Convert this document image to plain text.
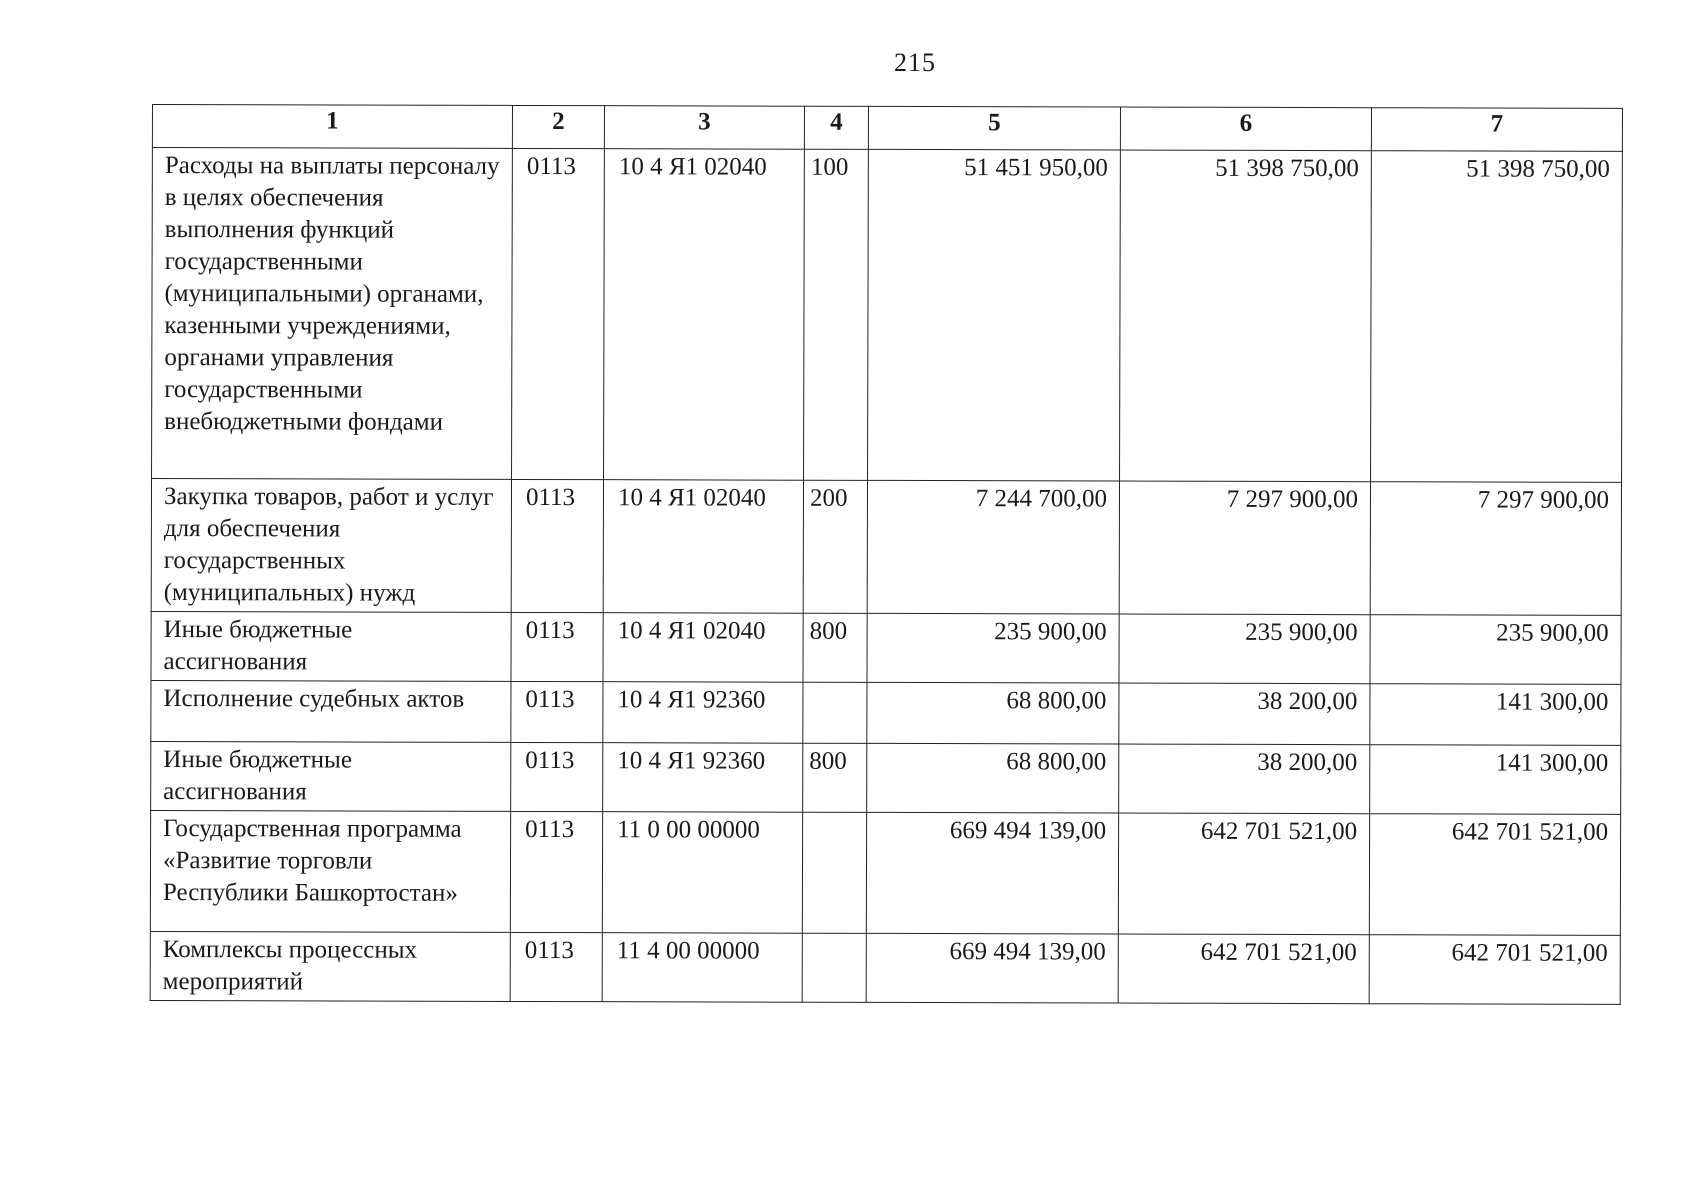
215
1	2	3	4	5	6	7
Расходы на выплаты персоналу в целях обеспечения выполнения функций государственными (муниципальными) органами, казенными учреждениями, органами управления государственными внебюджетными фондами	0113	10 4 Я1 02040	100	51 451 950,00	51 398 750,00	51 398 750,00
Закупка товаров, работ и услуг для обеспечения государственных (муниципальных) нужд	0113	10 4 Я1 02040	200	7 244 700,00	7 297 900,00	7 297 900,00
Иные бюджетные ассигнования	0113	10 4 Я1 02040	800	235 900,00	235 900,00	235 900,00
Исполнение судебных актов	0113	10 4 Я1 92360		68 800,00	38 200,00	141 300,00
Иные бюджетные ассигнования	0113	10 4 Я1 92360	800	68 800,00	38 200,00	141 300,00
Государственная программа «Развитие торговли Республики Башкортостан»	0113	11 0 00 00000		669 494 139,00	642 701 521,00	642 701 521,00
Комплексы процессных мероприятий	0113	11 4 00 00000		669 494 139,00	642 701 521,00	642 701 521,00
